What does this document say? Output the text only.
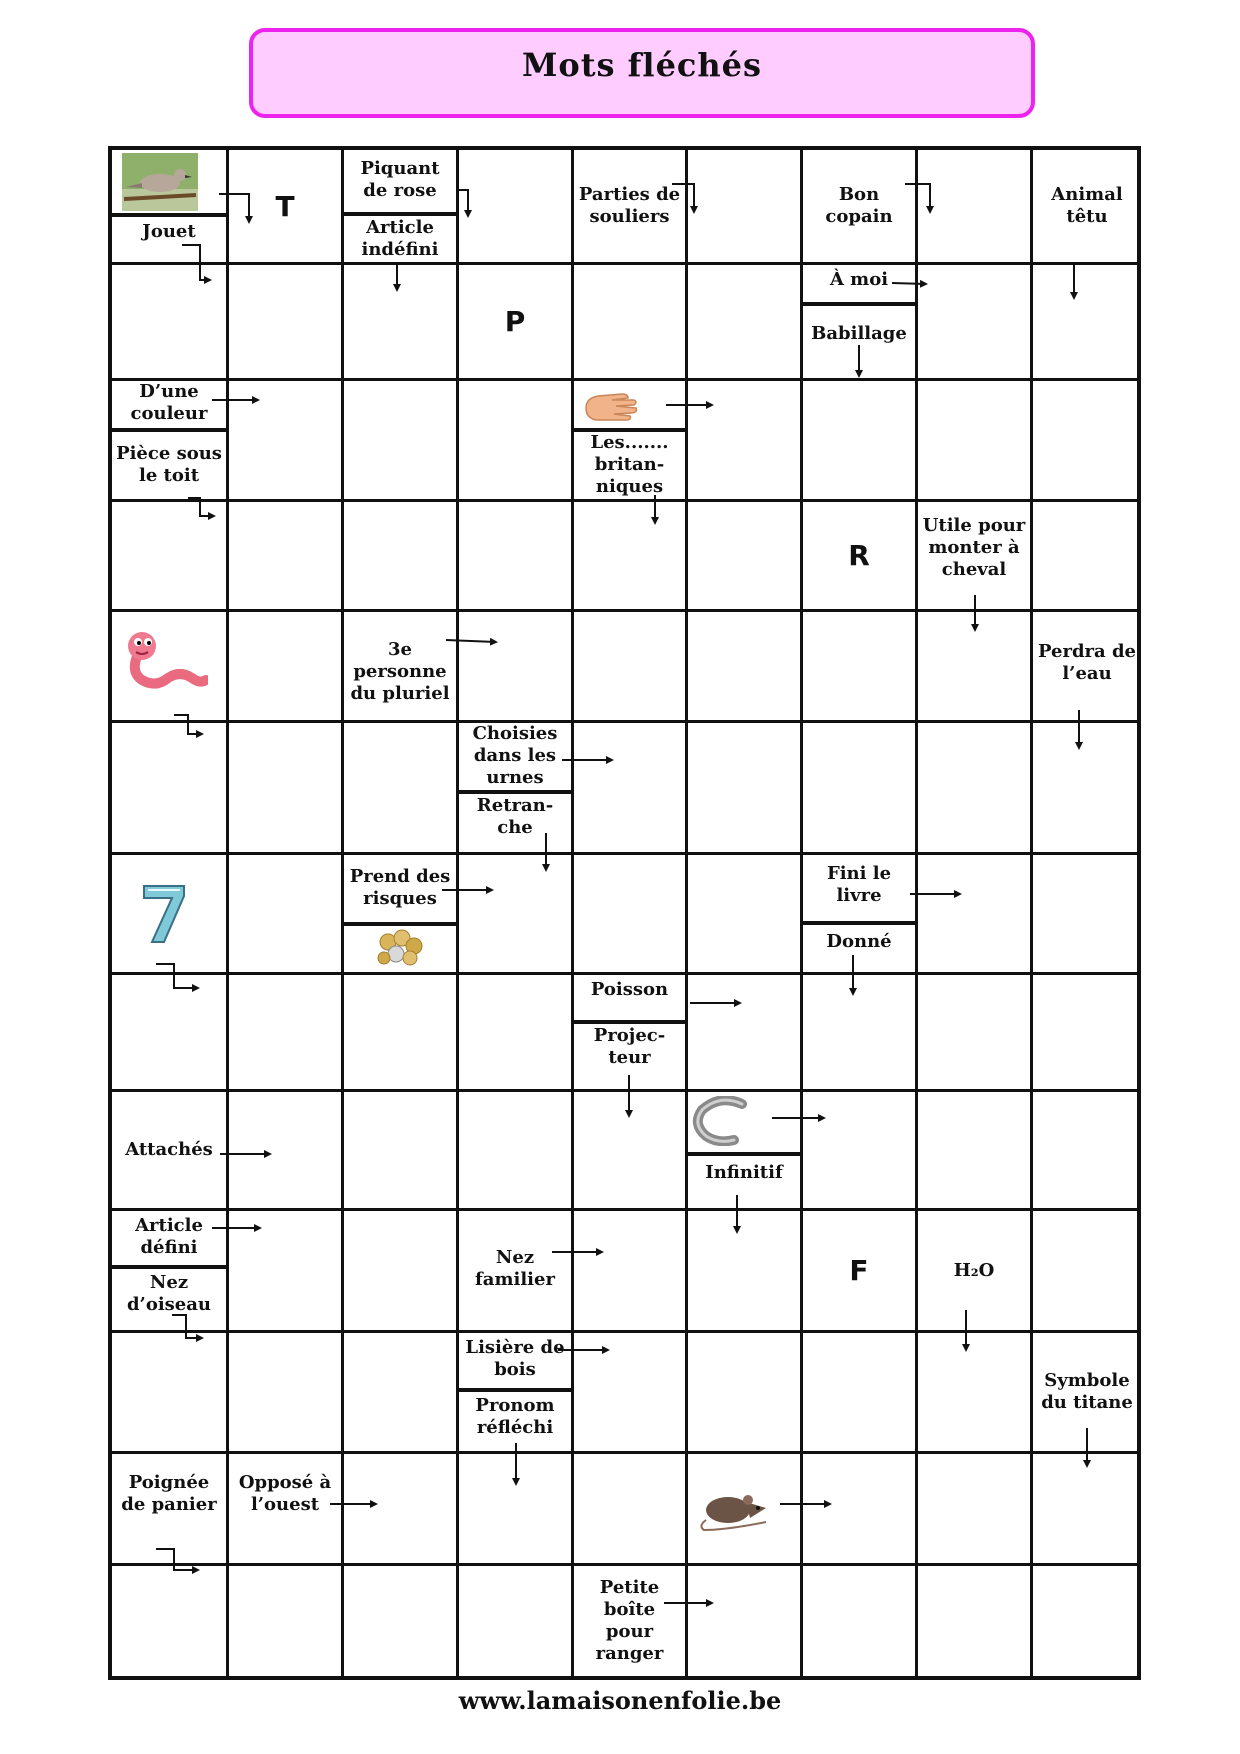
Mots fléchés
Jouet
T
Piquant de rose
Article indéfini
Parties de souliers
Bon copain
Animal têtu
P
À moi
Babillage
D’une couleur
Pièce sous le toit
Les....... britan-niques
R
Utile pour monter à cheval
3e personne du pluriel
Perdra de l’eau
Choisies dans les urnes
Retran-che
Prend des risques
Fini le livre
Donné
Poisson
Projec-teur
Attachés
Infinitif
Article défini
Nez d’oiseau
Nez familier	F	H₂O
Lisière de bois
Pronom réfléchi
Symbole du titane
Poignée de panier
Opposé à l’ouest
Petite boîte pour ranger
www.lamaisonenfolie.be
